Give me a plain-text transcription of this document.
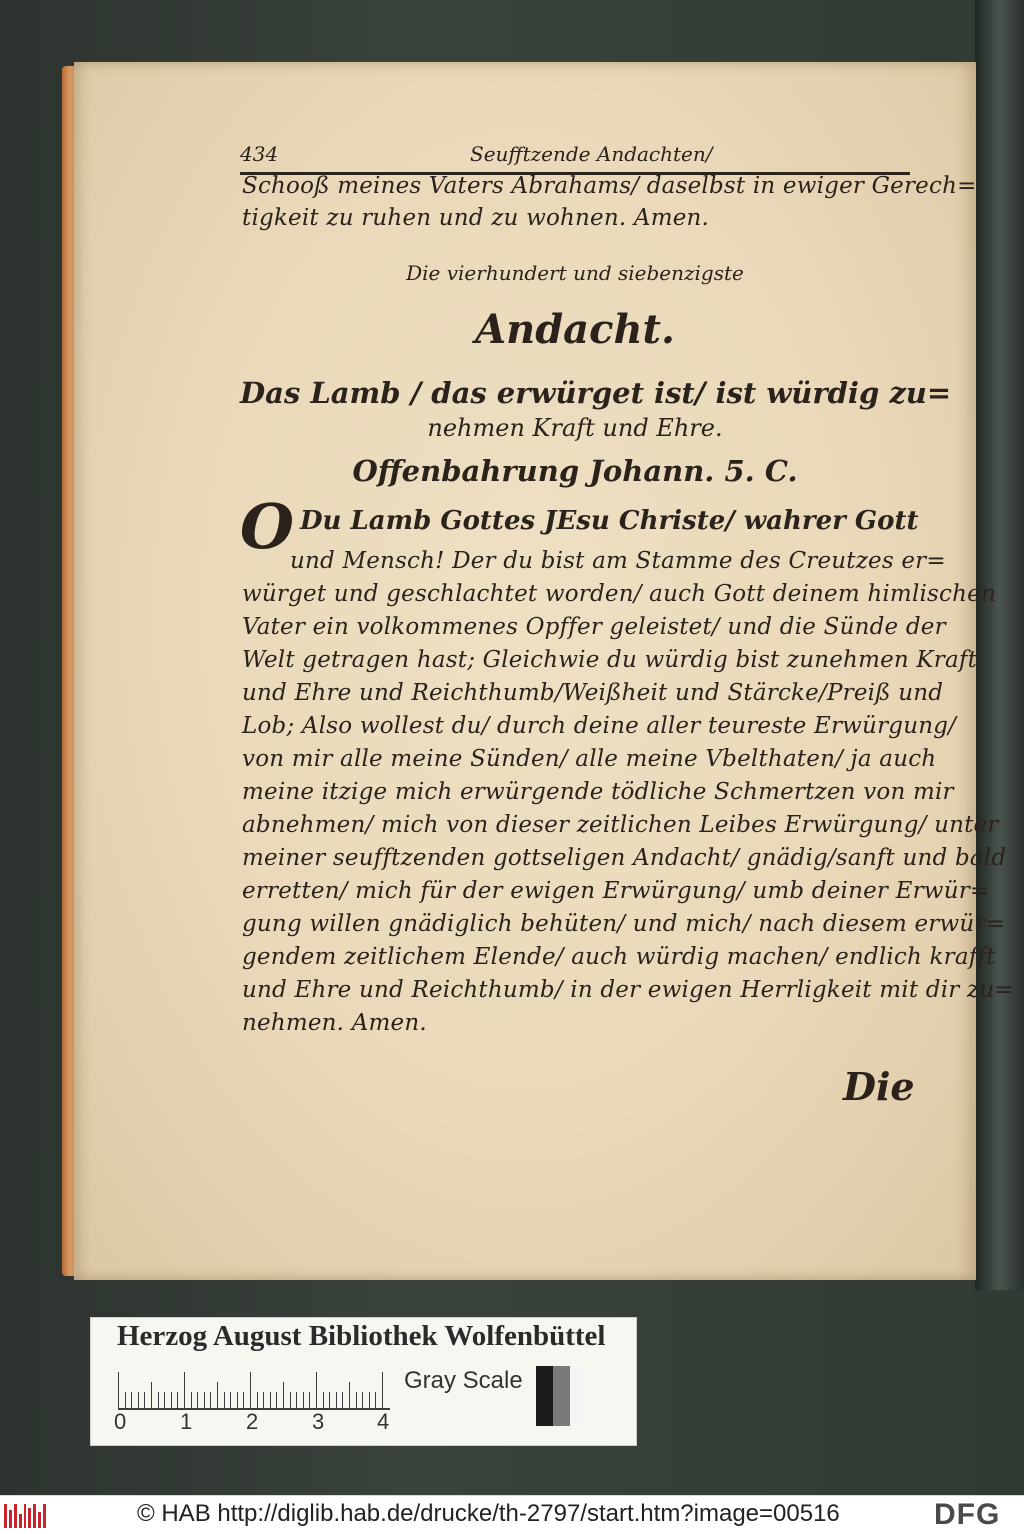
434	Seufftzende Andachten/
Schooß meines Vaters Abrahams/ daselbst in ewiger Gerech=
tigkeit zu ruhen und zu wohnen. Amen.
Die vierhundert und siebenzigste
Andacht.
Das Lamb / das erwürget ist/ ist würdig zu=
nehmen Kraft und Ehre.
Offenbahrung Johann. 5. C.
O Du Lamb Gottes JEsu Christe/ wahrer Gott
und Mensch! Der du bist am Stamme des Creutzes er=
würget und geschlachtet worden/ auch Gott deinem himlischen
Vater ein volkommenes Opffer geleistet/ und die Sünde der
Welt getragen hast; Gleichwie du würdig bist zunehmen Kraft
und Ehre und Reichthumb/Weißheit und Stärcke/Preiß und
Lob; Also wollest du/ durch deine aller teureste Erwürgung/
von mir alle meine Sünden/ alle meine Vbelthaten/ ja auch
meine itzige mich erwürgende tödliche Schmertzen von mir
abnehmen/ mich von dieser zeitlichen Leibes Erwürgung/ unter
meiner seufftzenden gottseligen Andacht/ gnädig/sanft und bald
erretten/ mich für der ewigen Erwürgung/ umb deiner Erwür=
gung willen gnädiglich behüten/ und mich/ nach diesem erwür=
gendem zeitlichem Elende/ auch würdig machen/ endlich krafft
und Ehre und Reichthumb/ in der ewigen Herrligkeit mit dir zu=
nehmen. Amen.
Die
Herzog August Bibliothek Wolfenbüttel
0 1 2 3 4
Gray Scale
© HAB http://diglib.hab.de/drucke/th-2797/start.htm?image=00516	DFG
